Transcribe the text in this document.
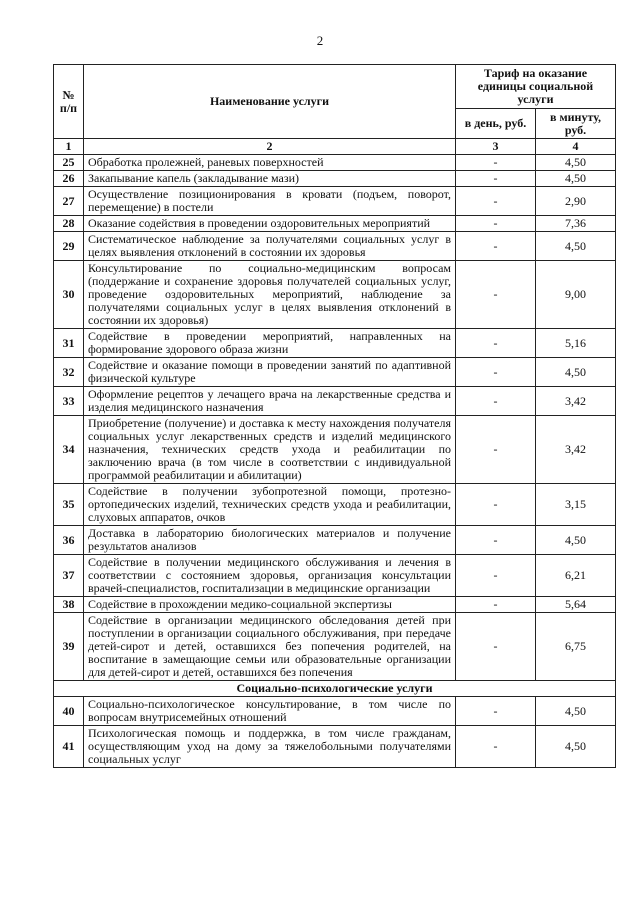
2
№ п/п	Наименование услуги	Тариф на оказание единицы социальной услуги	
		в день, руб.	в минуту, руб.
1	2	3	4
25	Обработка пролежней, раневых поверхностей	-	4,50
26	Закапывание капель (закладывание мази)	-	4,50
27	Осуществление позиционирования в кровати (подъем, поворот, перемещение) в постели	-	2,90
28	Оказание содействия в проведении оздоровительных мероприятий	-	7,36
29	Систематическое наблюдение за получателями социальных услуг в целях выявления отклонений в состоянии их здоровья	-	4,50
30	Консультирование по социально-медицинским вопросам (поддержание и сохранение здоровья получателей социальных услуг, проведение оздоровительных мероприятий, наблюдение за получателями социальных услуг в целях выявления отклонений в состоянии их здоровья)	-	9,00
31	Содействие в проведении мероприятий, направленных на формирование здорового образа жизни	-	5,16
32	Содействие и оказание помощи в проведении занятий по адаптивной физической культуре	-	4,50
33	Оформление рецептов у лечащего врача на лекарственные средства и изделия медицинского назначения	-	3,42
34	Приобретение (получение) и доставка к месту нахождения получателя социальных услуг лекарственных средств и изделий медицинского назначения, технических средств ухода и реабилитации по заключению врача (в том числе в соответствии с индивидуальной программой реабилитации и абилитации)	-	3,42
35	Содействие в получении зубопротезной помощи, протезно-ортопедических изделий, технических средств ухода и реабилитации, слуховых аппаратов, очков	-	3,15
36	Доставка в лабораторию биологических материалов и получение результатов анализов	-	4,50
37	Содействие в получении медицинского обслуживания и лечения в соответствии с состоянием здоровья, организация консультации врачей-специалистов, госпитализации в медицинские организации	-	6,21
38	Содействие в прохождении медико-социальной экспертизы	-	5,64
39	Содействие в организации медицинского обследования детей при поступлении в организации социального обслуживания, при передаче детей-сирот и детей, оставшихся без попечения родителей, на воспитание в замещающие семьи или образовательные организации для детей-сирот и детей, оставшихся без попечения	-	6,75
Социально-психологические услуги			
40	Социально-психологическое консультирование, в том числе по вопросам внутрисемейных отношений	-	4,50
41	Психологическая помощь и поддержка, в том числе гражданам, осуществляющим уход на дому за тяжелобольными получателями социальных услуг	-	4,50
